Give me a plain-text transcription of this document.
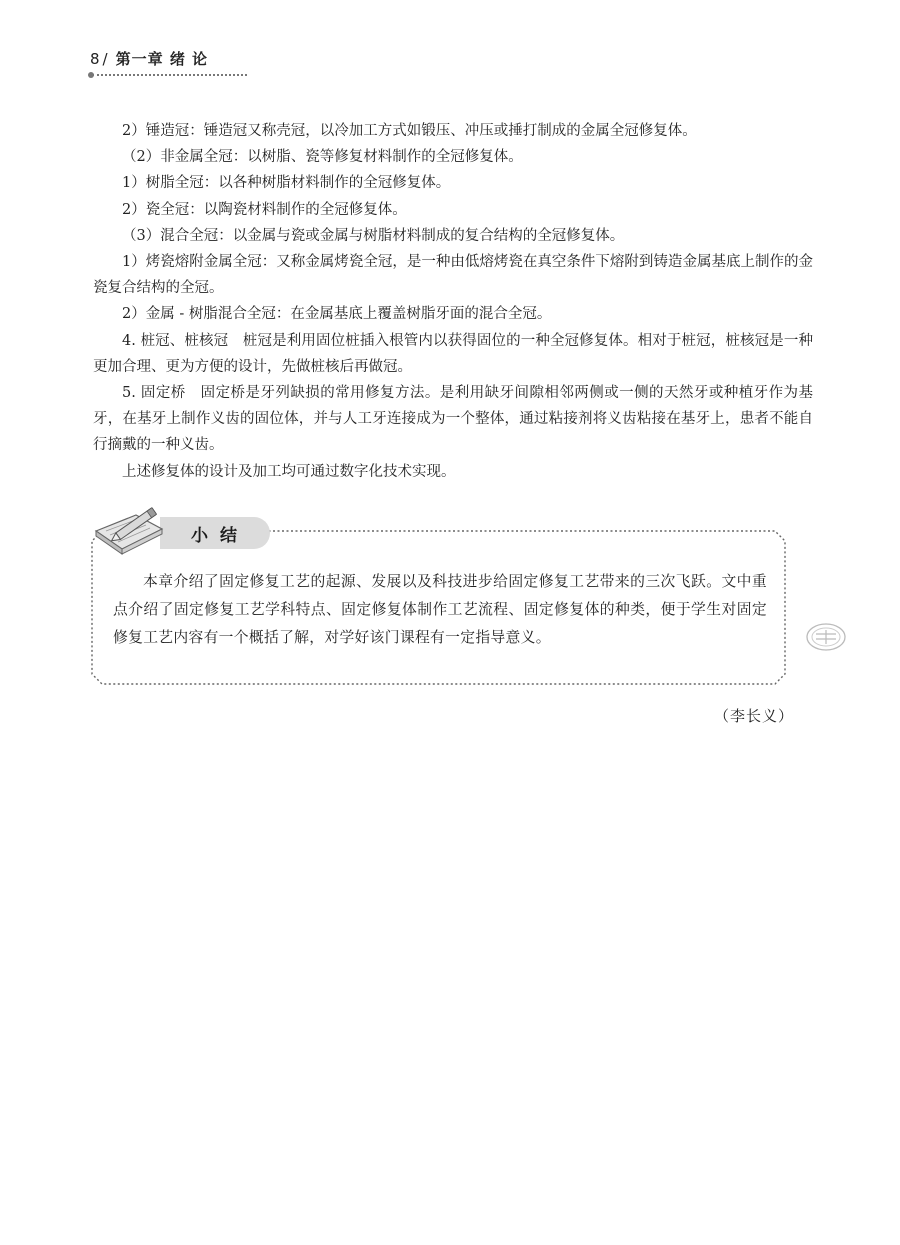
8 / 第一章 绪 论

2）锤造冠：锤造冠又称壳冠，以冷加工方式如锻压、冲压或捶打制成的金属全冠修复体。

（2）非金属全冠：以树脂、瓷等修复材料制作的全冠修复体。

1）树脂全冠：以各种树脂材料制作的全冠修复体。

2）瓷全冠：以陶瓷材料制作的全冠修复体。

（3）混合全冠：以金属与瓷或金属与树脂材料制成的复合结构的全冠修复体。

1）烤瓷熔附金属全冠：又称金属烤瓷全冠，是一种由低熔烤瓷在真空条件下熔附到铸造金属基底上制作的金瓷复合结构的全冠。

2）金属 - 树脂混合全冠：在金属基底上覆盖树脂牙面的混合全冠。

4. 桩冠、桩核冠　桩冠是利用固位桩插入根管内以获得固位的一种全冠修复体。相对于桩冠，桩核冠是一种更加合理、更为方便的设计，先做桩核后再做冠。

5. 固定桥　固定桥是牙列缺损的常用修复方法。是利用缺牙间隙相邻两侧或一侧的天然牙或种植牙作为基牙，在基牙上制作义齿的固位体，并与人工牙连接成为一个整体，通过粘接剂将义齿粘接在基牙上，患者不能自行摘戴的一种义齿。

上述修复体的设计及加工均可通过数字化技术实现。

小结

本章介绍了固定修复工艺的起源、发展以及科技进步给固定修复工艺带来的三次飞跃。文中重点介绍了固定修复工艺学科特点、固定修复体制作工艺流程、固定修复体的种类，便于学生对固定修复工艺内容有一个概括了解，对学好该门课程有一定指导意义。

（李长义）
